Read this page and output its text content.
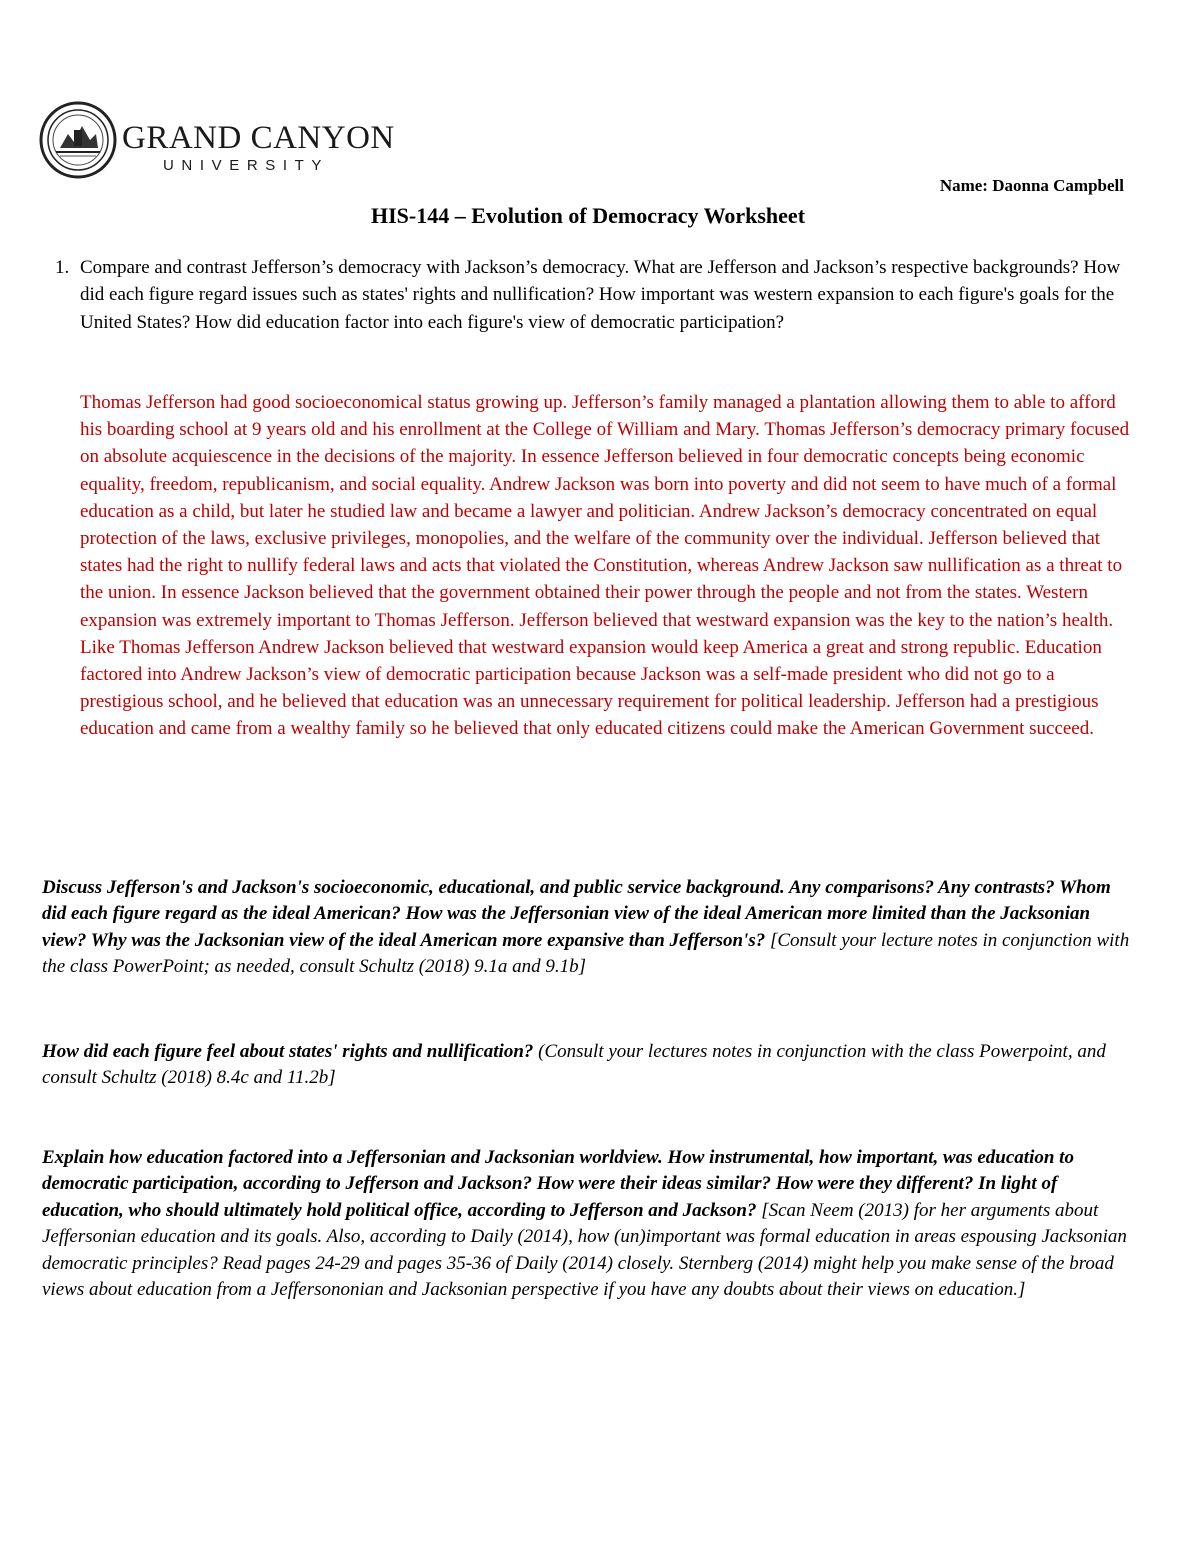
GRAND CANYON
UNIVERSITY
Name: Daonna Campbell
HIS-144 – Evolution of Democracy Worksheet
1. Compare and contrast Jefferson’s democracy with Jackson’s democracy. What are Jefferson and Jackson’s respective backgrounds? How did each figure regard issues such as states' rights and nullification? How important was western expansion to each figure's goals for the United States? How did education factor into each figure's view of democratic participation?

Thomas Jefferson had good socioeconomical status growing up. Jefferson’s family managed a plantation allowing them to able to afford his boarding school at 9 years old and his enrollment at the College of William and Mary. Thomas Jefferson’s democracy primary focused on absolute acquiescence in the decisions of the majority. In essence Jefferson believed in four democratic concepts being economic equality, freedom, republicanism, and social equality. Andrew Jackson was born into poverty and did not seem to have much of a formal education as a child, but later he studied law and became a lawyer and politician. Andrew Jackson’s democracy concentrated on equal protection of the laws, exclusive privileges, monopolies, and the welfare of the community over the individual. Jefferson believed that states had the right to nullify federal laws and acts that violated the Constitution, whereas Andrew Jackson saw nullification as a threat to the union. In essence Jackson believed that the government obtained their power through the people and not from the states. Western expansion was extremely important to Thomas Jefferson. Jefferson believed that westward expansion was the key to the nation’s health. Like Thomas Jefferson Andrew Jackson believed that westward expansion would keep America a great and strong republic. Education factored into Andrew Jackson’s view of democratic participation because Jackson was a self-made president who did not go to a prestigious school, and he believed that education was an unnecessary requirement for political leadership. Jefferson had a prestigious education and came from a wealthy family so he believed that only educated citizens could make the American Government succeed.

Discuss Jefferson's and Jackson's socioeconomic, educational, and public service background. Any comparisons? Any contrasts? Whom did each figure regard as the ideal American? How was the Jeffersonian view of the ideal American more limited than the Jacksonian view? Why was the Jacksonian view of the ideal American more expansive than Jefferson's? [Consult your lecture notes in conjunction with the class PowerPoint; as needed, consult Schultz (2018) 9.1a and 9.1b]

How did each figure feel about states' rights and nullification? (Consult your lectures notes in conjunction with the class Powerpoint, and consult Schultz (2018) 8.4c and 11.2b]

Explain how education factored into a Jeffersonian and Jacksonian worldview. How instrumental, how important, was education to democratic participation, according to Jefferson and Jackson? How were their ideas similar? How were they different? In light of education, who should ultimately hold political office, according to Jefferson and Jackson? [Scan Neem (2013) for her arguments about Jeffersonian education and its goals. Also, according to Daily (2014), how (un)important was formal education in areas espousing Jacksonian democratic principles? Read pages 24-29 and pages 35-36 of Daily (2014) closely. Sternberg (2014) might help you make sense of the broad views about education from a Jeffersononian and Jacksonian perspective if you have any doubts about their views on education.]
